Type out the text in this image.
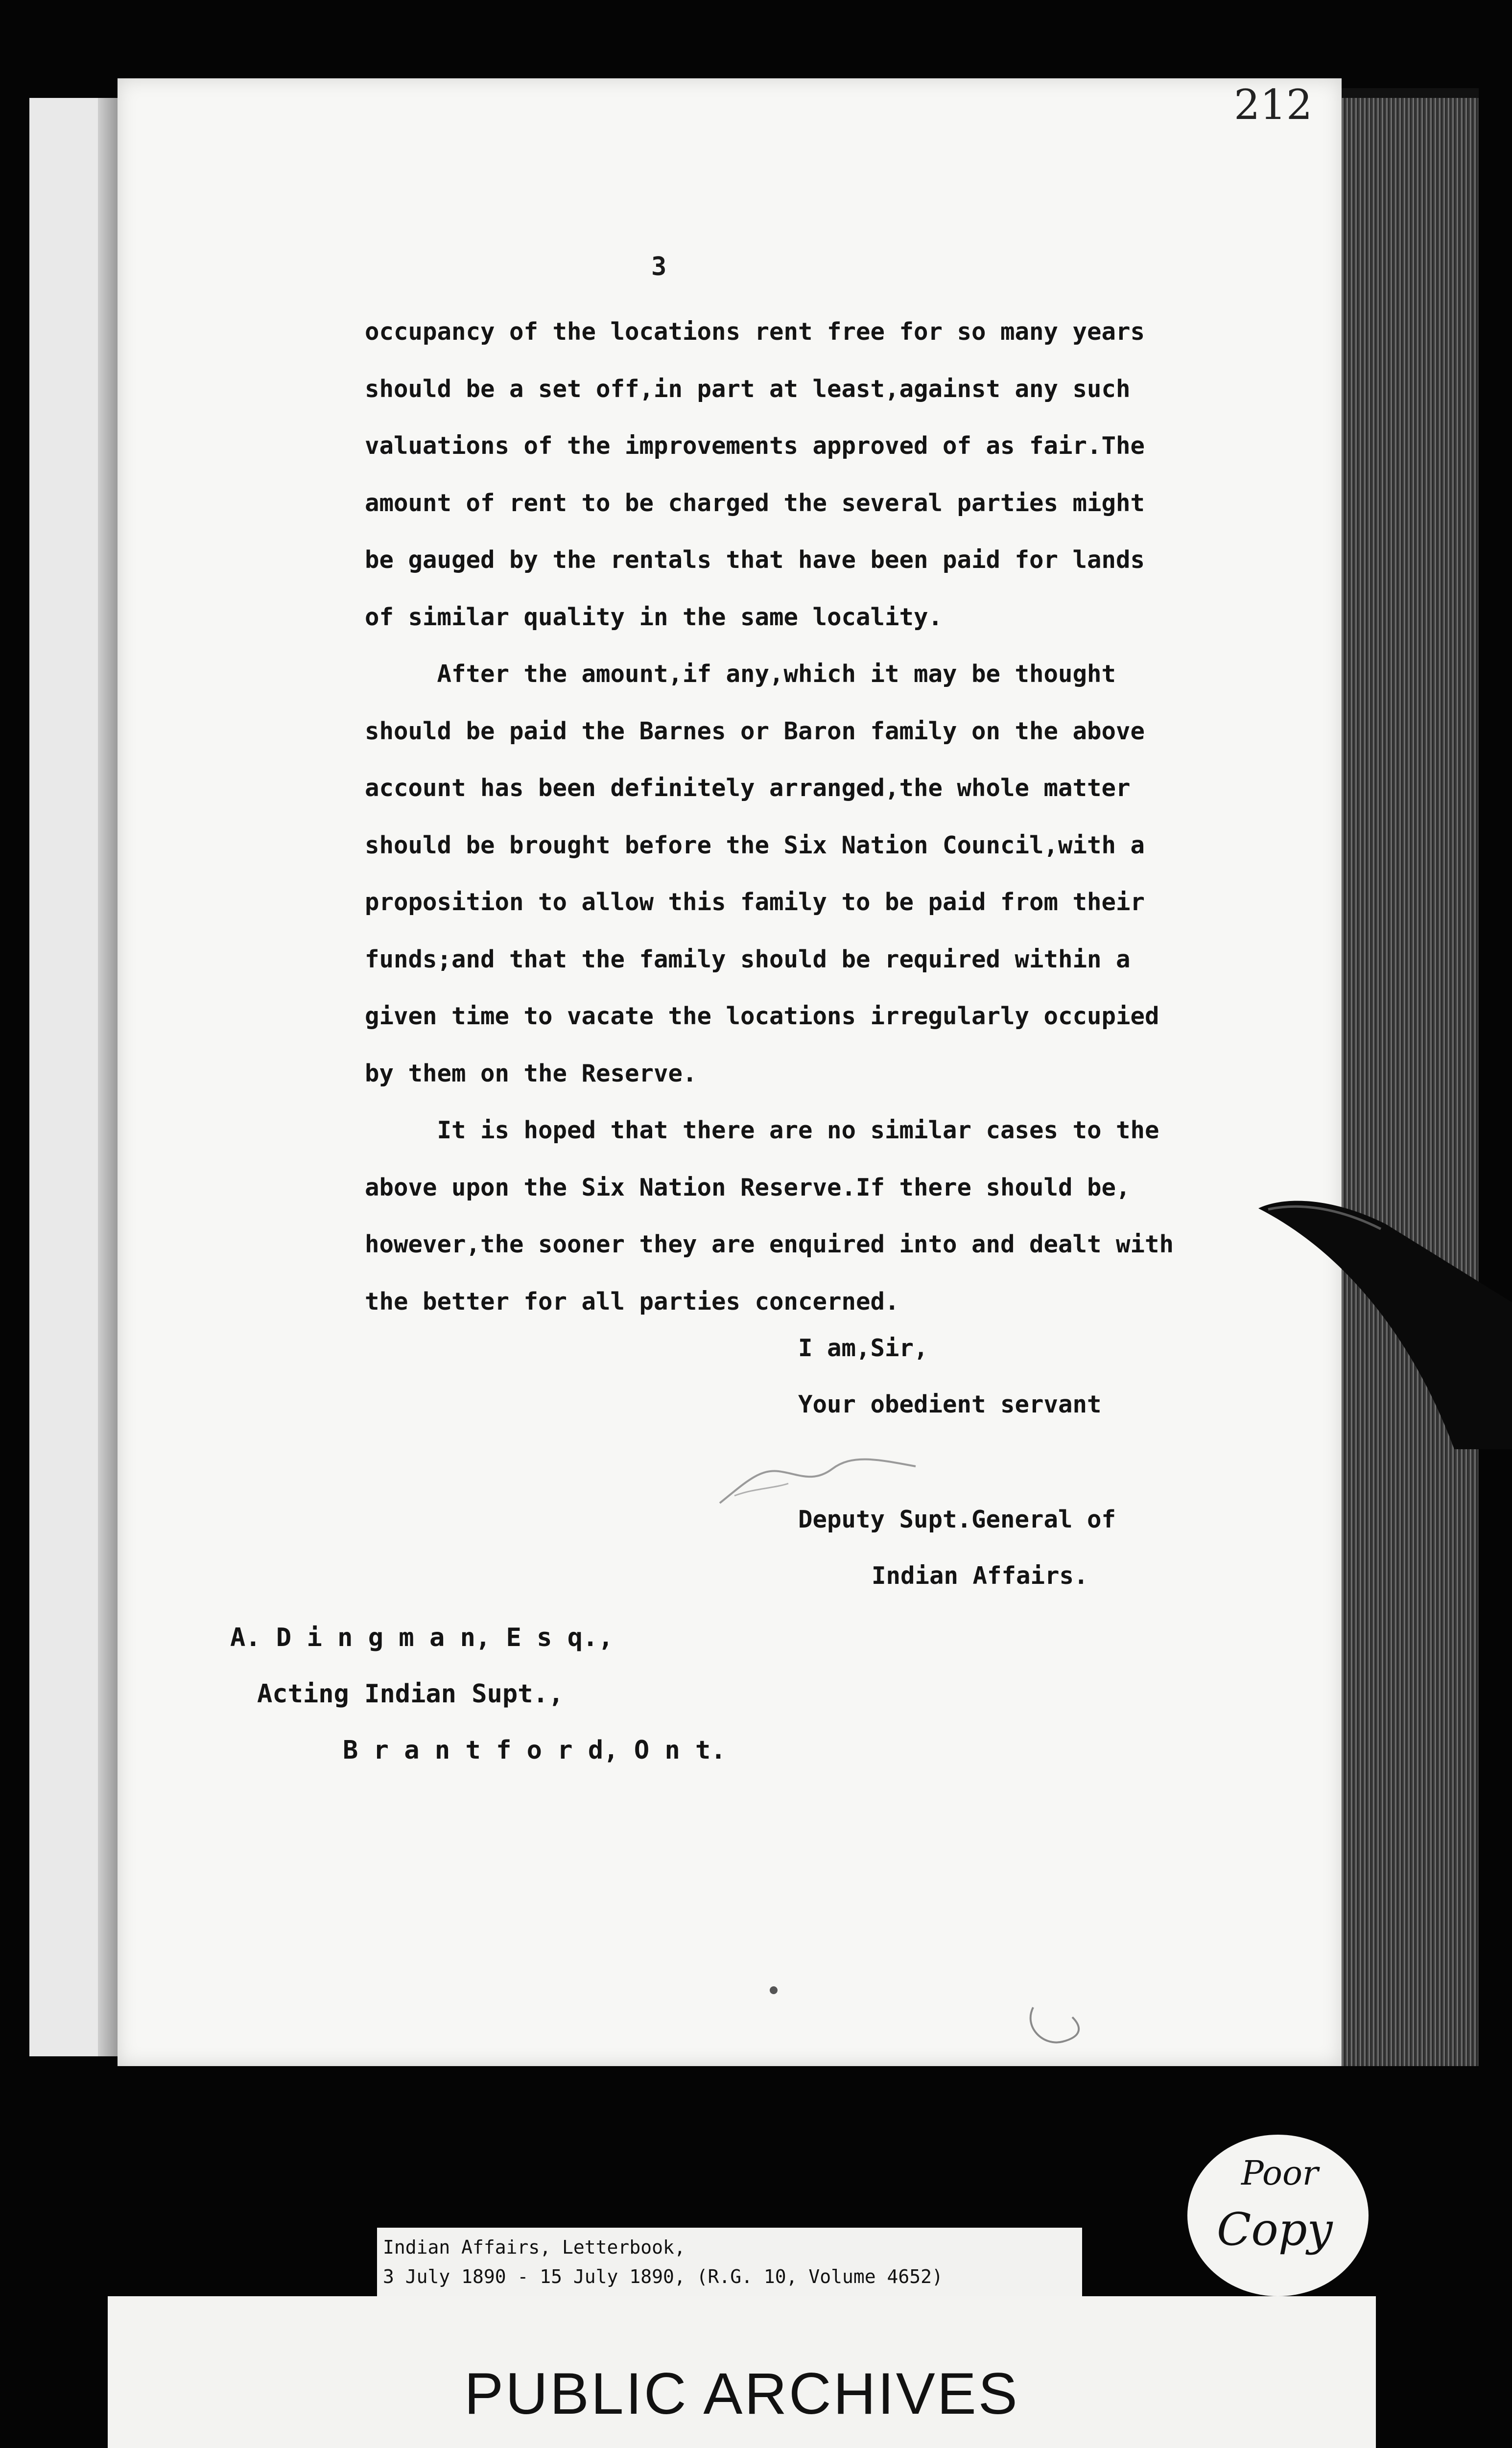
212
3

occupancy of the locations rent free for so many years

should be a set off,in part at least,against any such

valuations of the improvements approved of as fair.The

amount of rent to be charged the several parties might

be gauged by the rentals that have been paid for lands

of similar quality in the same locality.

After the amount,if any,which it may be thought

should be paid the Barnes or Baron family on the above

account has been definitely arranged,the whole matter

should be brought before the Six Nation Council,with a

proposition to allow this family to be paid from their

funds;and that the family should be required within a

given time to vacate the locations irregularly occupied

by them on the Reserve.

It is hoped that there are no similar cases to the

above upon the Six Nation Reserve.If there should be,

however,the sooner they are enquired into and dealt with

the better for all parties concerned.

I am,Sir,
Your obedient servant
Deputy Supt.General of
Indian Affairs.
A. D i n g m a n, E s q.,
Acting Indian Supt.,
B r a n t f o r d, O n t.
Poor
Copy
Indian Affairs, Letterbook,
3 July 1890 - 15 July 1890, (R.G. 10, Volume 4652)
PUBLIC ARCHIVES
